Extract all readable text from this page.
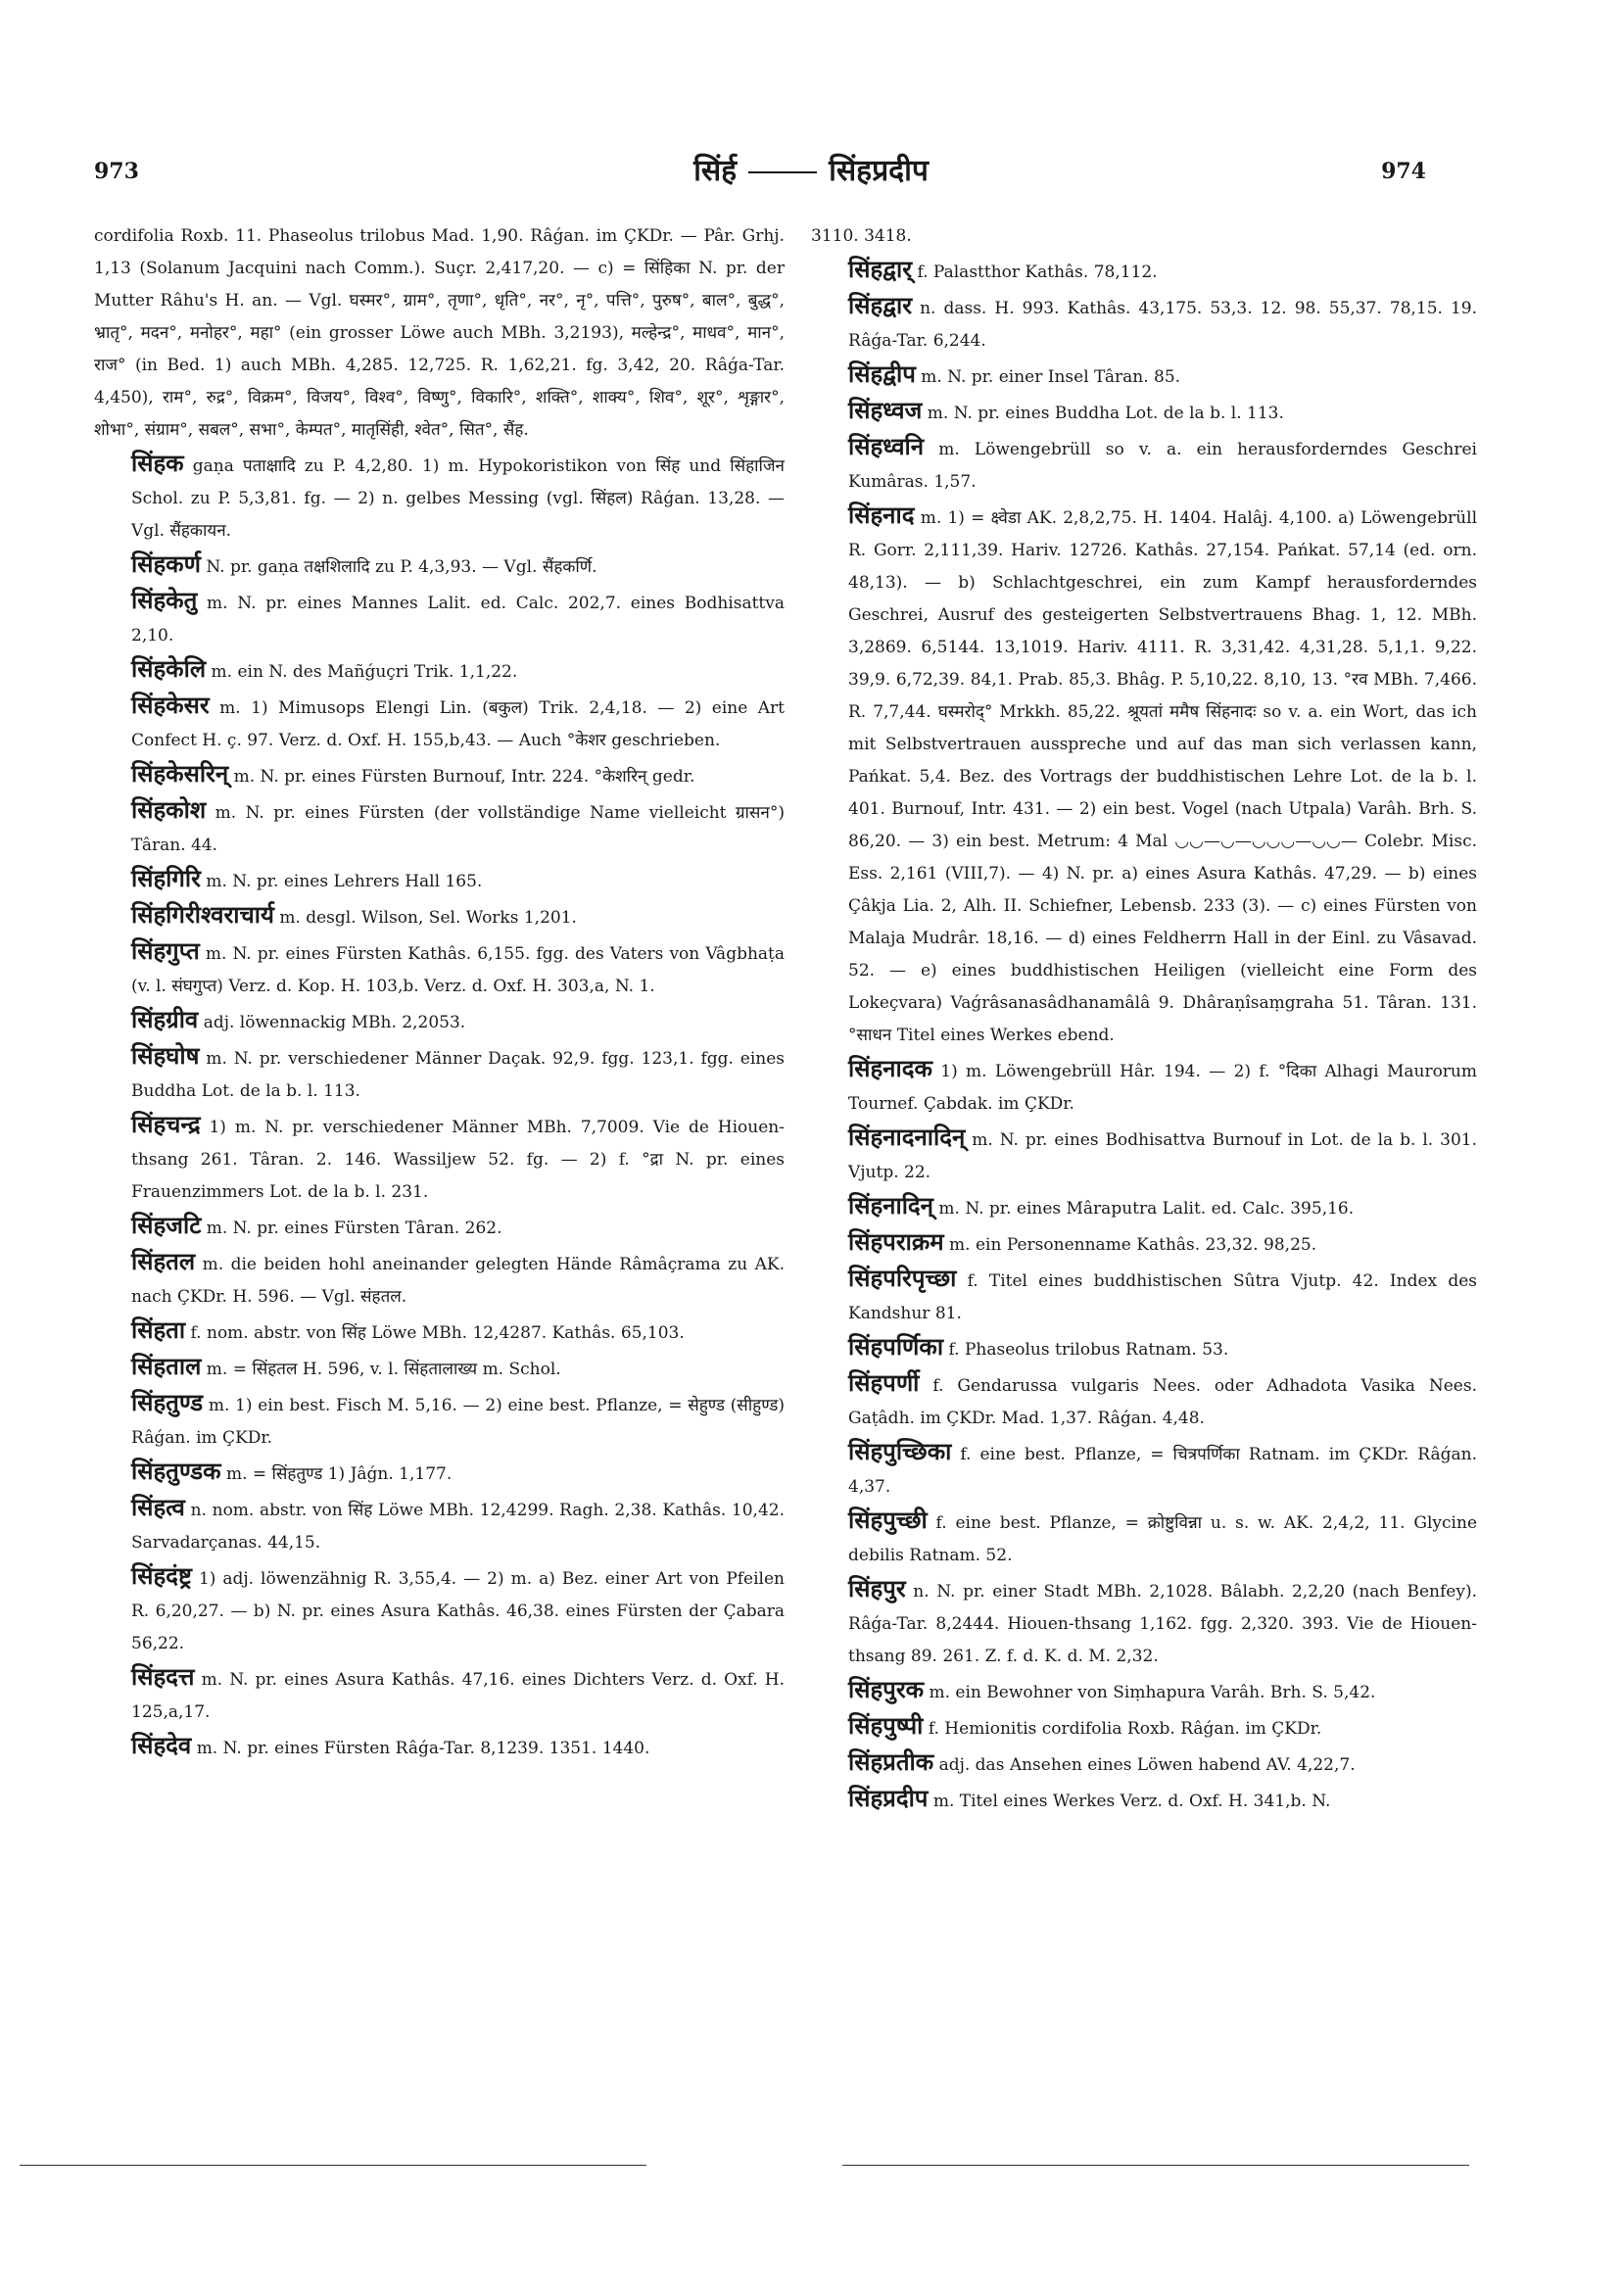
973	सिंर्ह	सिंहप्रदीप	974

cordifolia Roxb. 11. Phaseolus trilobus Mad. 1,90. Râǵan. im ÇKDr. — Pâr. Grhj. 1,13 (Solanum Jacquini nach Comm.). Suçr. 2,417,20. — c) = सिंहिका N. pr. der Mutter Râhu's H. an. — Vgl. घस्मर°, ग्राम°, तृणा°, धृति°, नर°, नृ°, पत्ति°, पुरुष°, बाल°, बुद्ध°, भ्रातृ°, मदन°, मनोहर°, महा° (ein grosser Löwe auch MBh. 3,2193), मल्हेन्द्र°, माधव°, मान°, राज° (in Bed. 1) auch MBh. 4,285. 12,725. R. 1,62,21. fg. 3,42, 20. Râǵa-Tar. 4,450), राम°, रुद्र°, विक्रम°, विजय°, विश्व°, विष्णु°, विकारि°, शक्ति°, शाक्य°, शिव°, शूर°, शृङ्गार°, शोभा°, संग्राम°, सबल°, सभा°, केम्पत°, मातृसिंही, श्वेत°, सित°, सैंह.

सिंहक gaṇa पताक्षादि zu P. 4,2,80. 1) m. Hypokoristikon von सिंह und सिंहाजिन Schol. zu P. 5,3,81. fg. — 2) n. gelbes Messing (vgl. सिंहल) Râǵan. 13,28. — Vgl. सैंहकायन.

सिंहकर्ण N. pr. gaṇa तक्षशिलादि zu P. 4,3,93. — Vgl. सैंहकर्णि.

सिंहकेतु m. N. pr. eines Mannes Lalit. ed. Calc. 202,7. eines Bodhisattva 2,10.

सिंहकेलि m. ein N. des Mañǵuçri Trik. 1,1,22.

सिंहकेसर m. 1) Mimusops Elengi Lin. (बकुल) Trik. 2,4,18. — 2) eine Art Confect H. ç. 97. Verz. d. Oxf. H. 155,b,43. — Auch °केशर geschrieben.

सिंहकेसरिन् m. N. pr. eines Fürsten Burnouf, Intr. 224. °केशरिन् gedr.

सिंहकोश m. N. pr. eines Fürsten (der vollständige Name vielleicht ग्रासन°) Târan. 44.

सिंहगिरि m. N. pr. eines Lehrers Hall 165.

सिंहगिरीश्वराचार्य m. desgl. Wilson, Sel. Works 1,201.

सिंहगुप्त m. N. pr. eines Fürsten Kathâs. 6,155. fgg. des Vaters von Vâgbhaṭa (v. l. संघगुप्त) Verz. d. Kop. H. 103,b. Verz. d. Oxf. H. 303,a, N. 1.

सिंहग्रीव adj. löwennackig MBh. 2,2053.

सिंहघोष m. N. pr. verschiedener Männer Daçak. 92,9. fgg. 123,1. fgg. eines Buddha Lot. de la b. l. 113.

सिंहचन्द्र 1) m. N. pr. verschiedener Männer MBh. 7,7009. Vie de Hiouen-thsang 261. Târan. 2. 146. Wassiljew 52. fg. — 2) f. °द्रा N. pr. eines Frauenzimmers Lot. de la b. l. 231.

सिंहजटि m. N. pr. eines Fürsten Târan. 262.

सिंहतल m. die beiden hohl aneinander gelegten Hände Râmâçrama zu AK. nach ÇKDr. H. 596. — Vgl. संहतल.

सिंहता f. nom. abstr. von सिंह Löwe MBh. 12,4287. Kathâs. 65,103.

सिंहताल m. = सिंहतल H. 596, v. l. सिंहतालाख्य m. Schol.

सिंहतुण्ड m. 1) ein best. Fisch M. 5,16. — 2) eine best. Pflanze, = सेहुण्ड (सीहुण्ड) Râǵan. im ÇKDr.

सिंहतुण्डक m. = सिंहतुण्ड 1) Jâǵn. 1,177.

सिंहत्व n. nom. abstr. von सिंह Löwe MBh. 12,4299. Ragh. 2,38. Kathâs. 10,42. Sarvadarçanas. 44,15.

सिंहदंष्ट्र 1) adj. löwenzähnig R. 3,55,4. — 2) m. a) Bez. einer Art von Pfeilen R. 6,20,27. — b) N. pr. eines Asura Kathâs. 46,38. eines Fürsten der Çabara 56,22.

सिंहदत्त m. N. pr. eines Asura Kathâs. 47,16. eines Dichters Verz. d. Oxf. H. 125,a,17.

सिंहदेव m. N. pr. eines Fürsten Râǵa-Tar. 8,1239. 1351. 1440.

3110. 3418.

सिंहद्वार् f. Palastthor Kathâs. 78,112.

सिंहद्वार n. dass. H. 993. Kathâs. 43,175. 53,3. 12. 98. 55,37. 78,15. 19. Râǵa-Tar. 6,244.

सिंहद्वीप m. N. pr. einer Insel Târan. 85.

सिंहध्वज m. N. pr. eines Buddha Lot. de la b. l. 113.

सिंहध्वनि m. Löwengebrüll so v. a. ein herausforderndes Geschrei Kumâras. 1,57.

सिंहनाद m. 1) = क्ष्वेडा AK. 2,8,2,75. H. 1404. Halâj. 4,100. a) Löwengebrüll R. Gorr. 2,111,39. Hariv. 12726. Kathâs. 27,154. Pańkat. 57,14 (ed. orn. 48,13). — b) Schlachtgeschrei, ein zum Kampf herausforderndes Geschrei, Ausruf des gesteigerten Selbstvertrauens Bhag. 1, 12. MBh. 3,2869. 6,5144. 13,1019. Hariv. 4111. R. 3,31,42. 4,31,28. 5,1,1. 9,22. 39,9. 6,72,39. 84,1. Prab. 85,3. Bhâg. P. 5,10,22. 8,10, 13. °रव MBh. 7,466. R. 7,7,44. घस्मरोद्° Mrkkh. 85,22. श्रूयतां ममैष सिंहनादः so v. a. ein Wort, das ich mit Selbstvertrauen ausspreche und auf das man sich verlassen kann, Pańkat. 5,4. Bez. des Vortrags der buddhistischen Lehre Lot. de la b. l. 401. Burnouf, Intr. 431. — 2) ein best. Vogel (nach Utpala) Varâh. Brh. S. 86,20. — 3) ein best. Metrum: 4 Mal ◡◡—◡—◡◡◡—◡◡— Colebr. Misc. Ess. 2,161 (VIII,7). — 4) N. pr. a) eines Asura Kathâs. 47,29. — b) eines Çâkja Lia. 2, Alh. II. Schiefner, Lebensb. 233 (3). — c) eines Fürsten von Malaja Mudrâr. 18,16. — d) eines Feldherrn Hall in der Einl. zu Vâsavad. 52. — e) eines buddhistischen Heiligen (vielleicht eine Form des Lokeçvara) Vaǵrâsanasâdhanamâlâ 9. Dhâraṇîsaṃgraha 51. Târan. 131. °साधन Titel eines Werkes ebend.

सिंहनादक 1) m. Löwengebrüll Hâr. 194. — 2) f. °दिका Alhagi Maurorum Tournef. Çabdak. im ÇKDr.

सिंहनादनादिन् m. N. pr. eines Bodhisattva Burnouf in Lot. de la b. l. 301. Vjutp. 22.

सिंहनादिन् m. N. pr. eines Mâraputra Lalit. ed. Calc. 395,16.

सिंहपराक्रम m. ein Personenname Kathâs. 23,32. 98,25.

सिंहपरिपृच्छा f. Titel eines buddhistischen Sûtra Vjutp. 42. Index des Kandshur 81.

सिंहपर्णिका f. Phaseolus trilobus Ratnam. 53.

सिंहपर्णी f. Gendarussa vulgaris Nees. oder Adhadota Vasika Nees. Gaṭâdh. im ÇKDr. Mad. 1,37. Râǵan. 4,48.

सिंहपुच्छिका f. eine best. Pflanze, = चित्रपर्णिका Ratnam. im ÇKDr. Râǵan. 4,37.

सिंहपुच्छी f. eine best. Pflanze, = क्रोष्टुविन्ना u. s. w. AK. 2,4,2, 11. Glycine debilis Ratnam. 52.

सिंहपुर n. N. pr. einer Stadt MBh. 2,1028. Bâlabh. 2,2,20 (nach Benfey). Râǵa-Tar. 8,2444. Hiouen-thsang 1,162. fgg. 2,320. 393. Vie de Hiouen-thsang 89. 261. Z. f. d. K. d. M. 2,32.

सिंहपुरक m. ein Bewohner von Siṃhapura Varâh. Brh. S. 5,42.

सिंहपुष्पी f. Hemionitis cordifolia Roxb. Râǵan. im ÇKDr.

सिंहप्रतीक adj. das Ansehen eines Löwen habend AV. 4,22,7.

सिंहप्रदीप m. Titel eines Werkes Verz. d. Oxf. H. 341,b. N.
